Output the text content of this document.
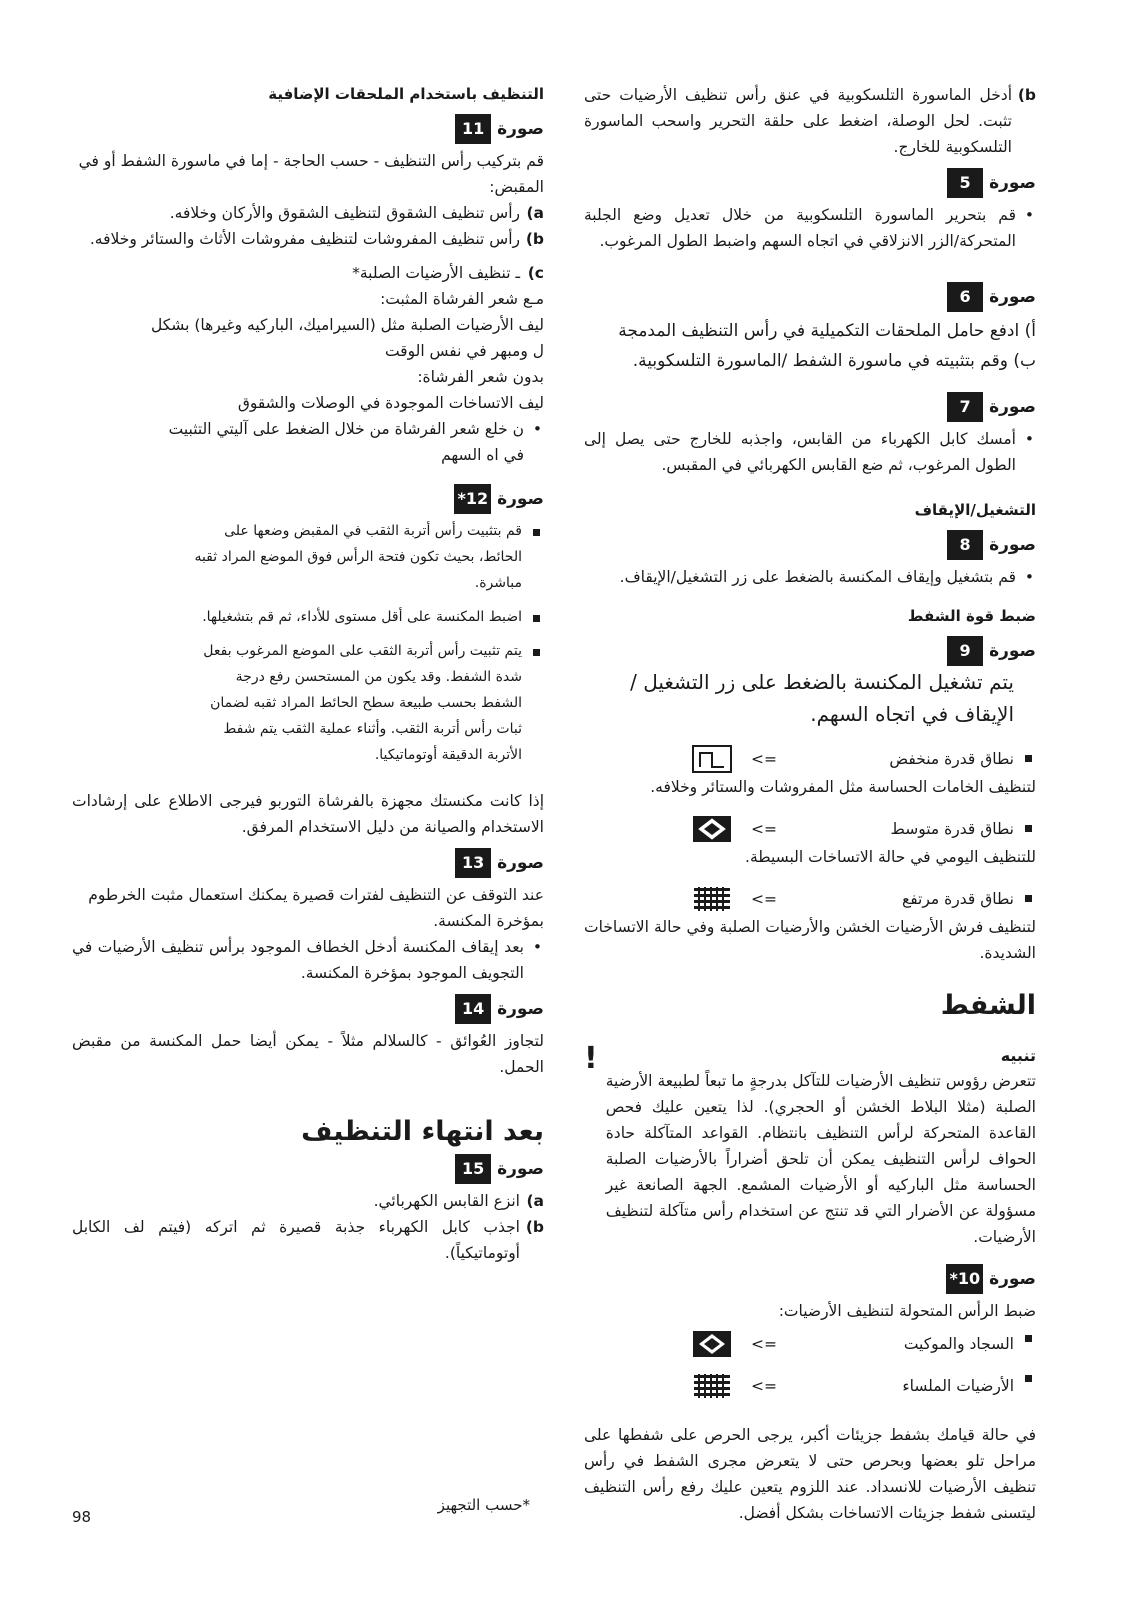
(b
أدخل الماسورة التلسكوبية في عنق رأس تنظيف الأرضيات حتى تثبت. لحل الوصلة، اضغط على حلقة التحرير واسحب الماسورة التلسكوبية للخارج.

صورة
5

• قم بتحرير الماسورة التلسكوبية من خلال تعديل وضع الجلبة المتحركة/الزر الانزلاقي في اتجاه السهم واضبط الطول المرغوب.

صورة
6

أ) ادفع حامل الملحقات التكميلية في رأس التنظيف المدمجة

ب) وقم بتثبيته في ماسورة الشفط /الماسورة التلسكوبية.

صورة
7

• أمسك كابل الكهرباء من القابس، واجذبه للخارج حتى يصل إلى الطول المرغوب، ثم ضع القابس الكهربائي في المقبس.

التشغيل/الإيقاف

صورة
8

• قم بتشغيل وإيقاف المكنسة بالضغط على زر التشغيل/الإيقاف.

ضبط قوة الشفط

صورة
9

يتم تشغيل المكنسة بالضغط على زر التشغيل / الإيقاف في اتجاه السهم.

نطاق قدرة منخفض
<=

لتنظيف الخامات الحساسة مثل المفروشات والستائر وخلافه.

نطاق قدرة متوسط
<=

للتنظيف اليومي في حالة الاتساخات البسيطة.

نطاق قدرة مرتفع
<=

لتنظيف فرش الأرضيات الخشن والأرضيات الصلبة وفي حالة الاتساخات الشديدة.

الشفط

تنبيه

تتعرض رؤوس تنظيف الأرضيات للتآكل بدرجةٍ ما تبعاً لطبيعة الأرضية الصلبة (مثلا البلاط الخشن أو الحجري). لذا يتعين عليك فحص القاعدة المتحركة لرأس التنظيف بانتظام. القواعد المتآكلة حادة الحواف لرأس التنظيف يمكن أن تلحق أضراراً بالأرضيات الصلبة الحساسة مثل الباركيه أو الأرضيات المشمع. الجهة الصانعة غير مسؤولة عن الأضرار التي قد تنتج عن استخدام رأس متآكلة لتنظيف الأرضيات.

!
صورة
10*

ضبط الرأس المتحولة لتنظيف الأرضيات:

السجاد والموكيت
<=
الأرضيات الملساء
<=

في حالة قيامك بشفط جزيئات أكبر، يرجى الحرص على شفطها على مراحل تلو بعضها وبحرص حتى لا يتعرض مجرى الشفط في رأس تنظيف الأرضيات للانسداد. عند اللزوم يتعين عليك رفع رأس التنظيف ليتسنى شفط جزيئات الاتساخات بشكل أفضل.

التنظيف باستخدام الملحقات الإضافية

صورة
11

قم بتركيب رأس التنظيف - حسب الحاجة - إما في ماسورة الشفط أو في المقبض:

(a
رأس تنظيف الشقوق لتنظيف الشقوق والأركان وخلافه.

(b
رأس تنظيف المفروشات لتنظيف مفروشات الأثاث والستائر وخلافه.

(c
ـ تنظيف الأرضيات الصلبة*

مـع شعر الفرشاة المثبت:

ليف الأرضيات الصلبة مثل (السيراميك، الباركيه وغيرها) بشكل

ل ومبهر في نفس الوقت

بدون شعر الفرشاة:

ليف الاتساخات الموجودة في الوصلات والشقوق

• ن خلع شعر الفرشاة من خلال الضغط على آليتي التثبيت في اه السهم

صورة
12*

قم بتثبيت رأس أتربة الثقب في المقبض وضعها على الحائط، بحيث تكون فتحة الرأس فوق الموضع المراد ثقبه مباشرة.

اضبط المكنسة على أقل مستوى للأداء، ثم قم بتشغيلها.

يتم تثبيت رأس أتربة الثقب على الموضع المرغوب بفعل شدة الشفط. وقد يكون من المستحسن رفع درجة الشفط بحسب طبيعة سطح الحائط المراد ثقبه لضمان ثبات رأس أتربة الثقب. وأثناء عملية الثقب يتم شفط الأتربة الدقيقة أوتوماتيكيا.

إذا كانت مكنستك مجهزة بالفرشاة التوربو فيرجى الاطلاع على إرشادات الاستخدام والصيانة من دليل الاستخدام المرفق.

صورة
13

عند التوقف عن التنظيف لفترات قصيرة يمكنك استعمال مثبت الخرطوم بمؤخرة المكنسة.

• بعد إيقاف المكنسة أدخل الخطاف الموجود برأس تنظيف الأرضيات في التجويف الموجود بمؤخرة المكنسة.

صورة
14

لتجاوز العُوائق - كالسلالم مثلاً - يمكن أيضا حمل المكنسة من مقبض الحمل.

بعد انتهاء التنظيف

صورة
15

(a
انزع القابس الكهربائي.

(b
اجذب كابل الكهرباء جذبة قصيرة ثم اتركه (فيتم لف الكابل أوتوماتيكياً).

*حسب التجهيز
98
